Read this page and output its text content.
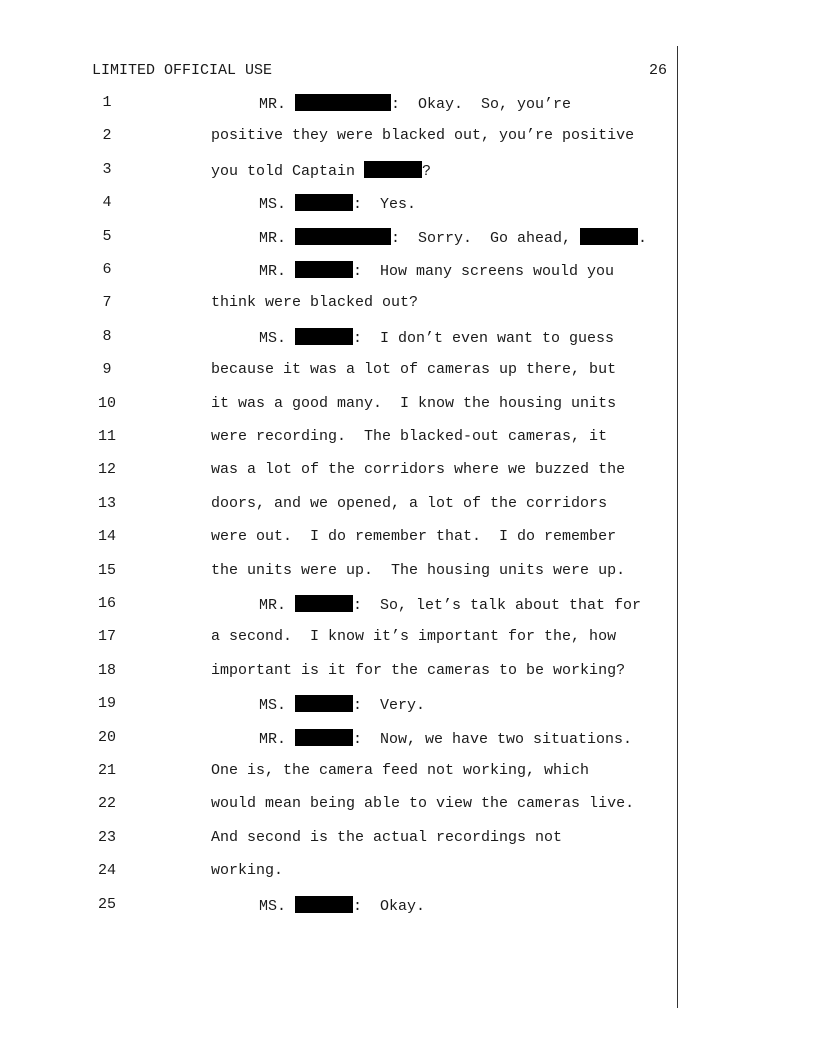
LIMITED OFFICIAL USE	26
1	MR.	:  Okay.  So, you’re
2	positive they were blacked out, you’re positive
3	you told Captain	?
4	MS.	:  Yes.
5	MR.	:  Sorry.  Go ahead,	.
6	MR.	:  How many screens would you
7	think were blacked out?
8	MS.	:  I don’t even want to guess
9	because it was a lot of cameras up there, but
10	it was a good many.  I know the housing units
11	were recording.  The blacked-out cameras, it
12	was a lot of the corridors where we buzzed the
13	doors, and we opened, a lot of the corridors
14	were out.  I do remember that.  I do remember
15	the units were up.  The housing units were up.
16	MR.	:  So, let’s talk about that for
17	a second.  I know it’s important for the, how
18	important is it for the cameras to be working?
19	MS.	:  Very.
20	MR.	:  Now, we have two situations.
21	One is, the camera feed not working, which
22	would mean being able to view the cameras live.
23	And second is the actual recordings not
24	working.
25	MS.	:  Okay.
